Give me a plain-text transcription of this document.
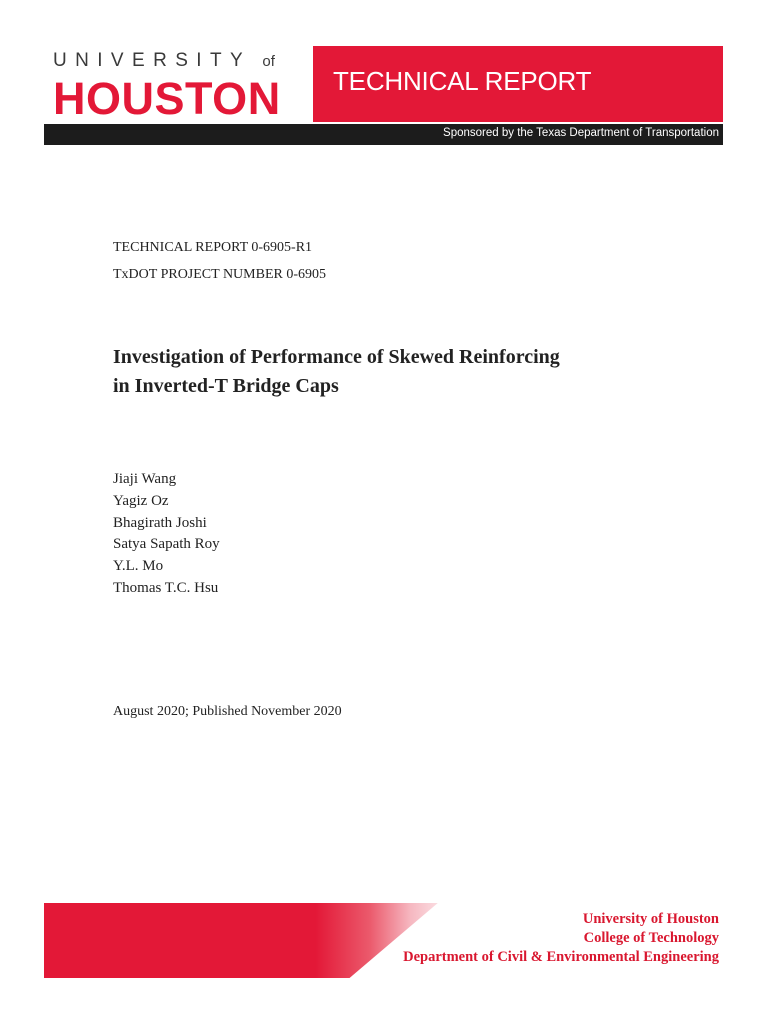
UNIVERSITY of
HOUSTON TECHNICAL REPORT
Sponsored by the Texas Department of Transportation
TECHNICAL REPORT 0-6905-R1
TxDOT PROJECT NUMBER 0-6905
Investigation of Performance of Skewed Reinforcing
in Inverted-T Bridge Caps
Jiaji Wang
Yagiz Oz
Bhagirath Joshi
Satya Sapath Roy
Y.L. Mo
Thomas T.C. Hsu
August 2020; Published November 2020
University of Houston
College of Technology
Department of Civil & Environmental Engineering
